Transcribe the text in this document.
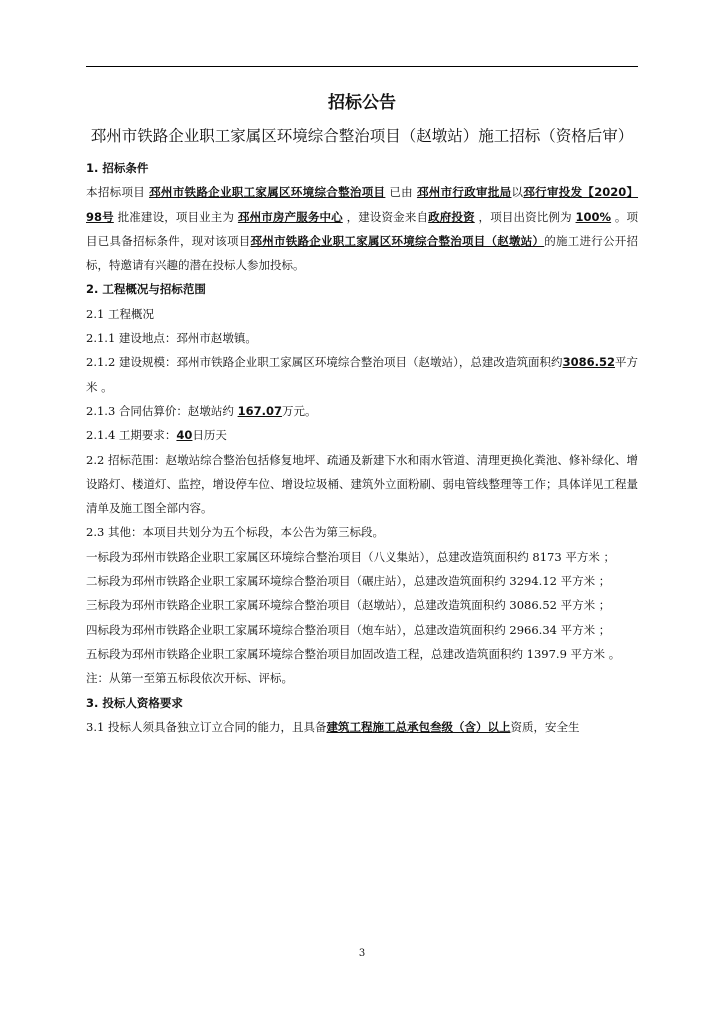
招标公告
邳州市铁路企业职工家属区环境综合整治项目（赵墩站）施工招标（资格后审）
1. 招标条件
本招标项目 邳州市铁路企业职工家属区环境综合整治项目 已由 邳州市行政审批局以邳行审投发【2020】98号 批准建设，项目业主为 邳州市房产服务中心 ，建设资金来自政府投资 ，项目出资比例为 100% 。项目已具备招标条件，现对该项目邳州市铁路企业职工家属区环境综合整治项目（赵墩站）的施工进行公开招标，特邀请有兴趣的潜在投标人参加投标。
2. 工程概况与招标范围
2.1 工程概况
2.1.1 建设地点：邳州市赵墩镇。
2.1.2 建设规模：邳州市铁路企业职工家属区环境综合整治项目（赵墩站），总建改造筑面积约3086.52平方米 。
2.1.3 合同估算价：赵墩站约 167.07万元。
2.1.4 工期要求：40日历天
2.2 招标范围：赵墩站综合整治包括修复地坪、疏通及新建下水和雨水管道、清理更换化粪池、修补绿化、增设路灯、楼道灯、监控，增设停车位、增设垃圾桶、建筑外立面粉刷、弱电管线整理等工作；具体详见工程量清单及施工图全部内容。
2.3 其他：本项目共划分为五个标段，本公告为第三标段。
一标段为邳州市铁路企业职工家属区环境综合整治项目（八义集站），总建改造筑面积约 8173 平方米 ；
二标段为邳州市铁路企业职工家属环境综合整治项目（碾庄站），总建改造筑面积约 3294.12 平方米 ；
三标段为邳州市铁路企业职工家属环境综合整治项目（赵墩站），总建改造筑面积约 3086.52 平方米 ；
四标段为邳州市铁路企业职工家属环境综合整治项目（炮车站），总建改造筑面积约 2966.34 平方米 ；
五标段为邳州市铁路企业职工家属环境综合整治项目加固改造工程，总建改造筑面积约 1397.9 平方米 。
注：从第一至第五标段依次开标、评标。
3. 投标人资格要求
3.1 投标人须具备独立订立合同的能力，且具备建筑工程施工总承包叁级（含）以上资质，安全生
3
